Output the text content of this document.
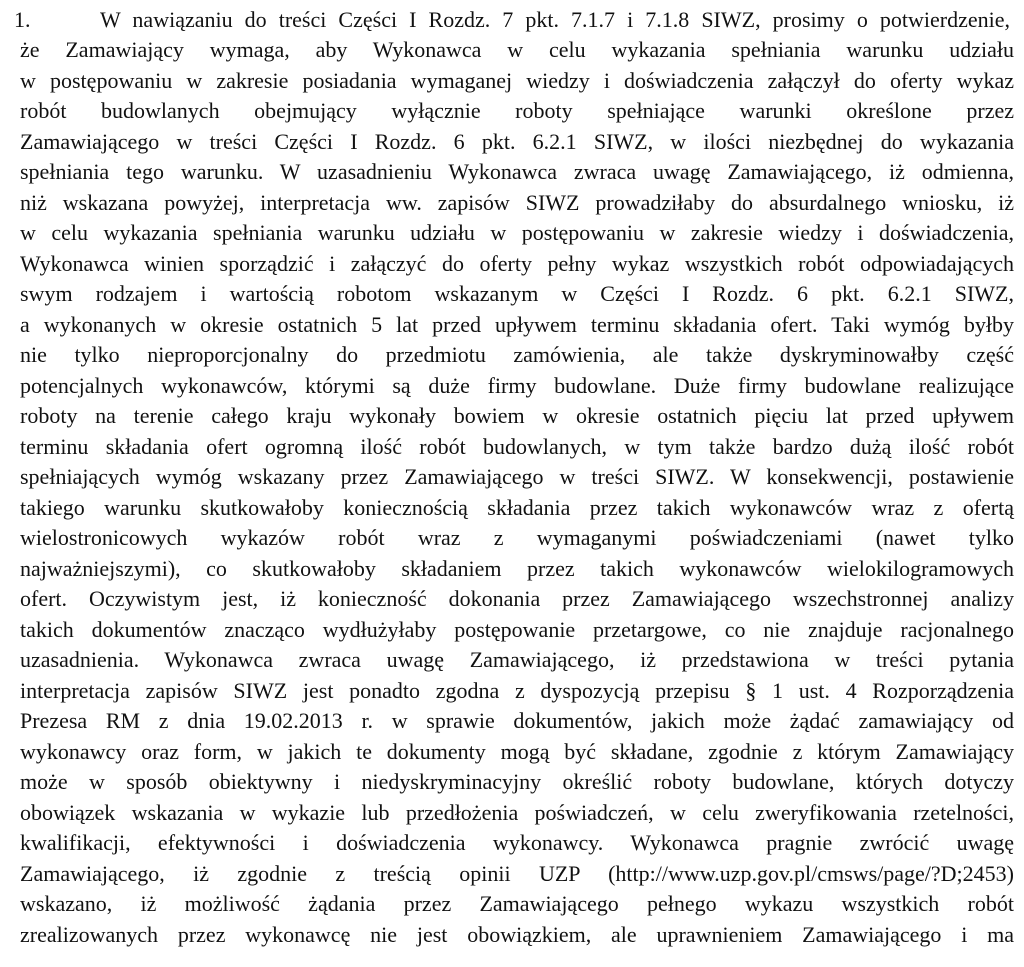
1.	W nawiązaniu do treści Części I Rozdz. 7 pkt. 7.1.7 i 7.1.8 SIWZ, prosimy o potwierdzenie,
że Zamawiający wymaga, aby Wykonawca w celu wykazania spełniania warunku udziału
w postępowaniu w zakresie posiadania wymaganej wiedzy i doświadczenia załączył do oferty wykaz
robót budowlanych obejmujący wyłącznie roboty spełniające warunki określone przez
Zamawiającego w treści Części I Rozdz. 6 pkt. 6.2.1 SIWZ, w ilości niezbędnej do wykazania
spełniania tego warunku. W uzasadnieniu Wykonawca zwraca uwagę Zamawiającego, iż odmienna,
niż wskazana powyżej, interpretacja ww. zapisów SIWZ prowadziłaby do absurdalnego wniosku, iż
w celu wykazania spełniania warunku udziału w postępowaniu w zakresie wiedzy i doświadczenia,
Wykonawca winien sporządzić i załączyć do oferty pełny wykaz wszystkich robót odpowiadających
swym rodzajem i wartością robotom wskazanym w Części I Rozdz. 6 pkt. 6.2.1 SIWZ,
a wykonanych w okresie ostatnich 5 lat przed upływem terminu składania ofert. Taki wymóg byłby
nie tylko nieproporcjonalny do przedmiotu zamówienia, ale także dyskryminowałby część
potencjalnych wykonawców, którymi są duże firmy budowlane. Duże firmy budowlane realizujące
roboty na terenie całego kraju wykonały bowiem w okresie ostatnich pięciu lat przed upływem
terminu składania ofert ogromną ilość robót budowlanych, w tym także bardzo dużą ilość robót
spełniających wymóg wskazany przez Zamawiającego w treści SIWZ. W konsekwencji, postawienie
takiego warunku skutkowałoby koniecznością składania przez takich wykonawców wraz z ofertą
wielostronicowych wykazów robót wraz z wymaganymi poświadczeniami (nawet tylko
najważniejszymi), co skutkowałoby składaniem przez takich wykonawców wielokilogramowych
ofert. Oczywistym jest, iż konieczność dokonania przez Zamawiającego wszechstronnej analizy
takich dokumentów znacząco wydłużyłaby postępowanie przetargowe, co nie znajduje racjonalnego
uzasadnienia. Wykonawca zwraca uwagę Zamawiającego, iż przedstawiona w treści pytania
interpretacja zapisów SIWZ jest ponadto zgodna z dyspozycją przepisu § 1 ust. 4 Rozporządzenia
Prezesa RM z dnia 19.02.2013 r. w sprawie dokumentów, jakich może żądać zamawiający od
wykonawcy oraz form, w jakich te dokumenty mogą być składane, zgodnie z którym Zamawiający
może w sposób obiektywny i niedyskryminacyjny określić roboty budowlane, których dotyczy
obowiązek wskazania w wykazie lub przedłożenia poświadczeń, w celu zweryfikowania rzetelności,
kwalifikacji, efektywności i doświadczenia wykonawcy. Wykonawca pragnie zwrócić uwagę
Zamawiającego, iż zgodnie z treścią opinii UZP (http://www.uzp.gov.pl/cmsws/page/?D;2453)
wskazano, iż możliwość żądania przez Zamawiającego pełnego wykazu wszystkich robót
zrealizowanych przez wykonawcę nie jest obowiązkiem, ale uprawnieniem Zamawiającego i ma
